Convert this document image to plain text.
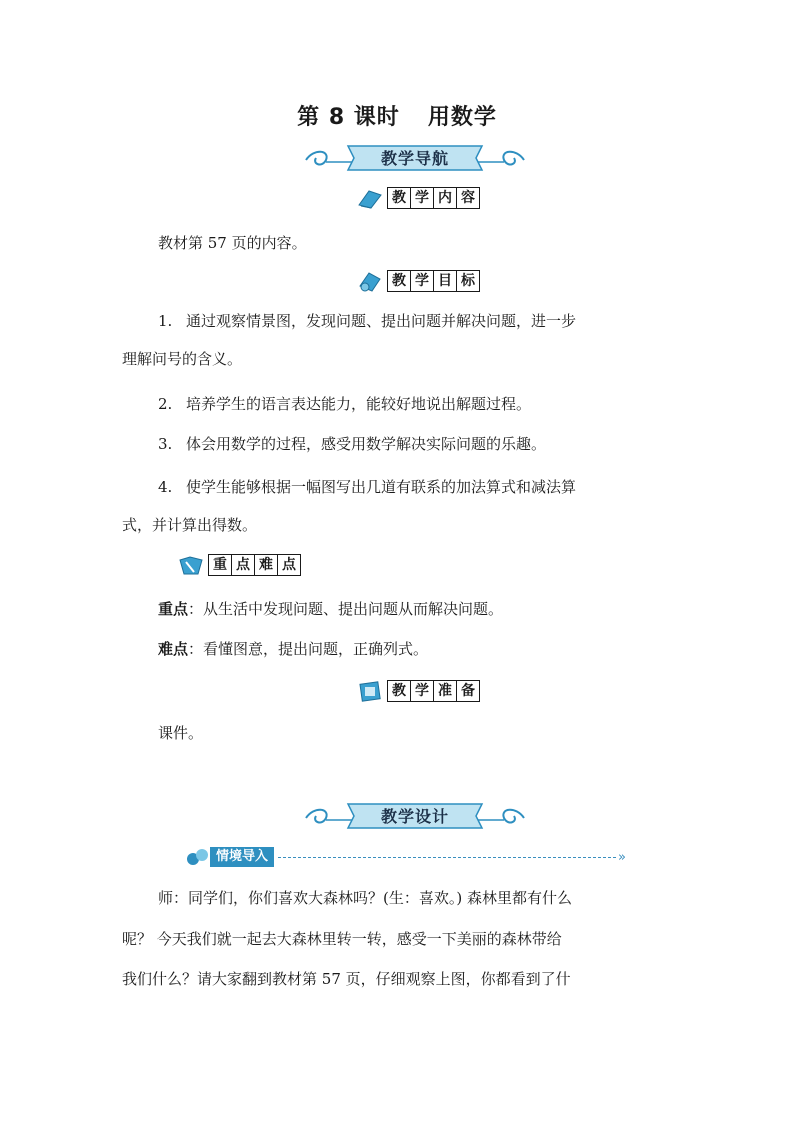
第 8 课时 用数学
教学导航
教 学 内 容
教材第 57 页的内容。
教 学 目 标
1. 通过观察情景图，发现问题、提出问题并解决问题，进一步
理解问号的含义。
2. 培养学生的语言表达能力，能较好地说出解题过程。
3. 体会用数学的过程，感受用数学解决实际问题的乐趣。
4. 使学生能够根据一幅图写出几道有联系的加法算式和减法算
式，并计算出得数。
重 点 难 点
重点：从生活中发现问题、提出问题从而解决问题。
难点：看懂图意，提出问题，正确列式。
教 学 准 备
课件。
教学设计
情境导入	»
师：同学们，你们喜欢大森林吗？(生：喜欢。) 森林里都有什么
呢？ 今天我们就一起去大森林里转一转，感受一下美丽的森林带给
我们什么？请大家翻到教材第 57 页，仔细观察上图，你都看到了什
